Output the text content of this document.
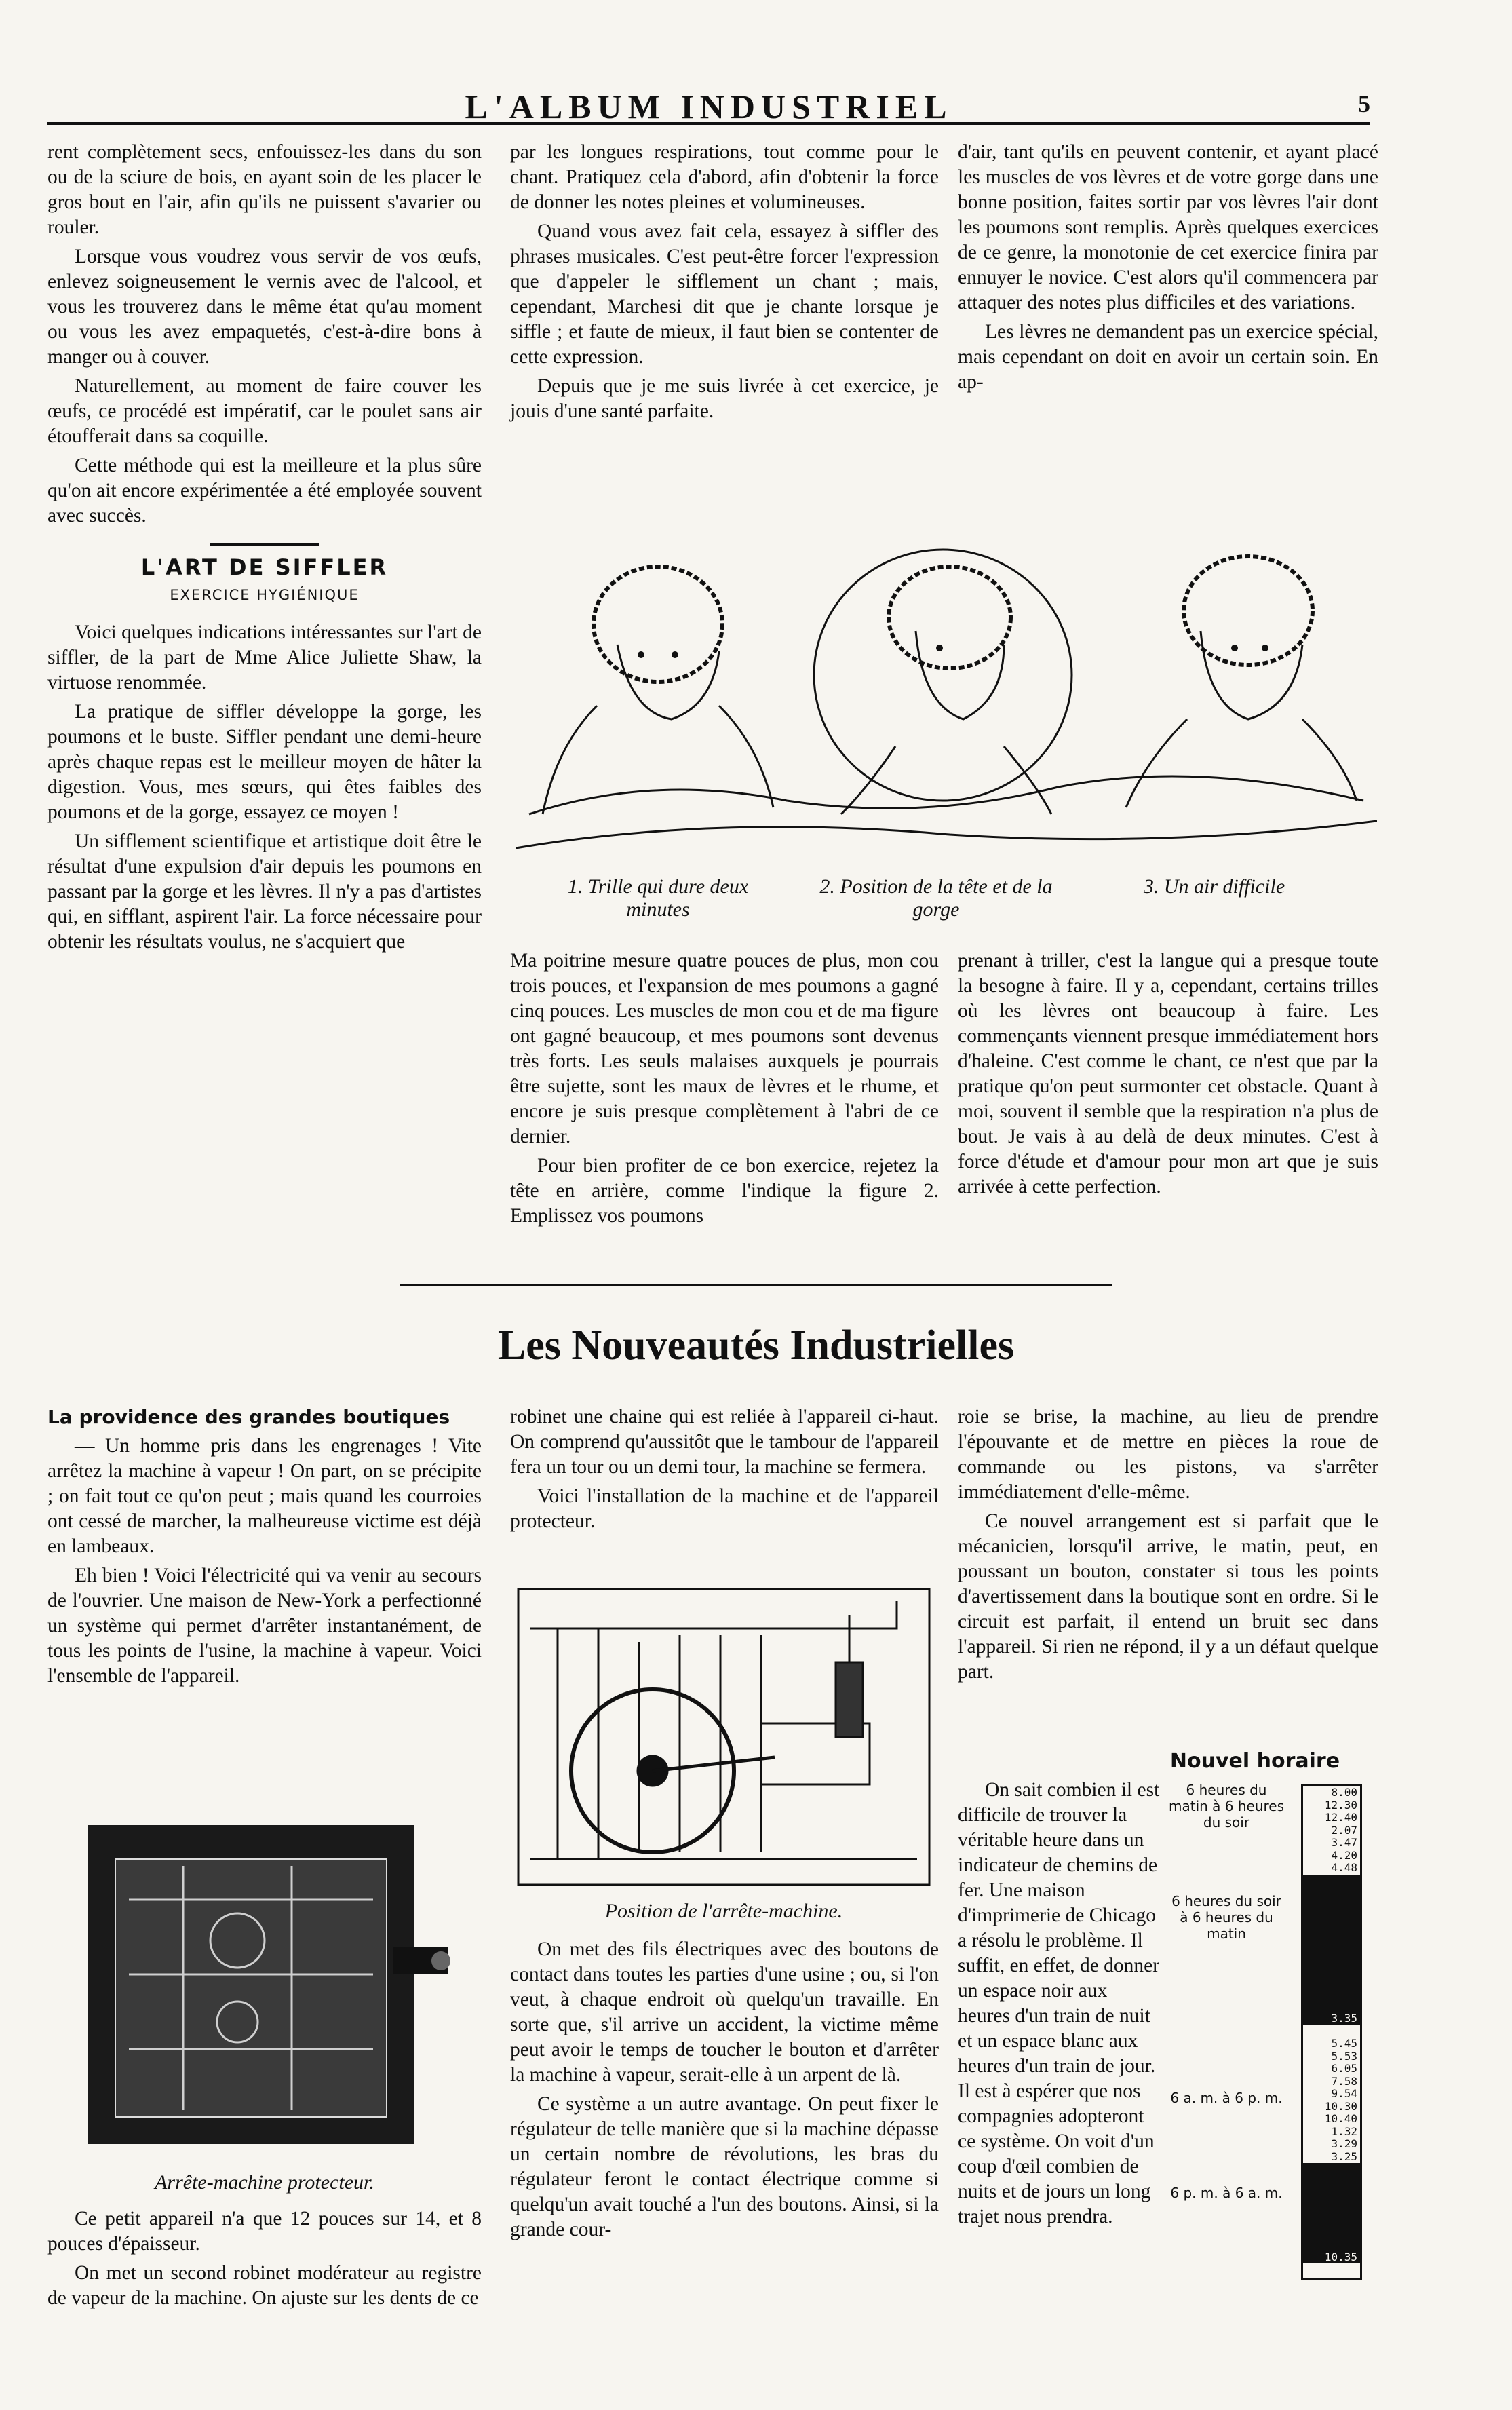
L'ALBUM INDUSTRIEL	5

rent complètement secs, enfouissez-les dans du son ou de la sciure de bois, en ayant soin de les placer le gros bout en l'air, afin qu'ils ne puissent s'avarier ou rouler.

Lorsque vous voudrez vous servir de vos œufs, enlevez soigneusement le vernis avec de l'alcool, et vous les trouverez dans le même état qu'au moment ou vous les avez empaquetés, c'est-à-dire bons à manger ou à couver.

Naturellement, au moment de faire couver les œufs, ce procédé est impératif, car le poulet sans air étoufferait dans sa coquille.

Cette méthode qui est la meilleure et la plus sûre qu'on ait encore expérimentée a été employée souvent avec succès.

L'ART DE SIFFLER
EXERCICE HYGIÉNIQUE

Voici quelques indications intéressantes sur l'art de siffler, de la part de Mme Alice Juliette Shaw, la virtuose renommée.

La pratique de siffler développe la gorge, les poumons et le buste. Siffler pendant une demi-heure après chaque repas est le meilleur moyen de hâter la digestion. Vous, mes sœurs, qui êtes faibles des poumons et de la gorge, essayez ce moyen !

Un sifflement scientifique et artistique doit être le résultat d'une expulsion d'air depuis les poumons en passant par la gorge et les lèvres. Il n'y a pas d'artistes qui, en sifflant, aspirent l'air. La force nécessaire pour obtenir les résultats voulus, ne s'acquiert que

par les longues respirations, tout comme pour le chant. Pratiquez cela d'abord, afin d'obtenir la force de donner les notes pleines et volumineuses.

Quand vous avez fait cela, essayez à siffler des phrases musicales. C'est peut-être forcer l'expression que d'appeler le sifflement un chant ; mais, cependant, Marchesi dit que je chante lorsque je siffle ; et faute de mieux, il faut bien se contenter de cette expression.

Depuis que je me suis livrée à cet exercice, je jouis d'une santé parfaite.

d'air, tant qu'ils en peuvent contenir, et ayant placé les muscles de vos lèvres et de votre gorge dans une bonne position, faites sortir par vos lèvres l'air dont les poumons sont remplis. Après quelques exercices de ce genre, la monotonie de cet exercice finira par ennuyer le novice. C'est alors qu'il commencera par attaquer des notes plus difficiles et des variations.

Les lèvres ne demandent pas un exercice spécial, mais cependant on doit en avoir un certain soin. En ap-

1. Trille qui dure deux minutes
2. Position de la tête et de la gorge
3. Un air difficile

Ma poitrine mesure quatre pouces de plus, mon cou trois pouces, et l'expansion de mes poumons a gagné cinq pouces. Les muscles de mon cou et de ma figure ont gagné beaucoup, et mes poumons sont devenus très forts. Les seuls malaises auxquels je pourrais être sujette, sont les maux de lèvres et le rhume, et encore je suis presque complètement à l'abri de ce dernier.

Pour bien profiter de ce bon exercice, rejetez la tête en arrière, comme l'indique la figure 2. Emplissez vos poumons

prenant à triller, c'est la langue qui a presque toute la besogne à faire. Il y a, cependant, certains trilles où les lèvres ont beaucoup à faire. Les commençants viennent presque immédiatement hors d'haleine. C'est comme le chant, ce n'est que par la pratique qu'on peut surmonter cet obstacle. Quant à moi, souvent il semble que la respiration n'a plus de bout. Je vais à au delà de deux minutes. C'est à force d'étude et d'amour pour mon art que je suis arrivée à cette perfection.

Les Nouveautés Industrielles
La providence des grandes boutiques

— Un homme pris dans les engrenages ! Vite arrêtez la machine à vapeur ! On part, on se précipite ; on fait tout ce qu'on peut ; mais quand les courroies ont cessé de marcher, la malheureuse victime est déjà en lambeaux.

Eh bien ! Voici l'électricité qui va venir au secours de l'ouvrier. Une maison de New-York a perfectionné un système qui permet d'arrêter instantanément, de tous les points de l'usine, la machine à vapeur. Voici l'ensemble de l'appareil.

Arrête-machine protecteur.

Ce petit appareil n'a que 12 pouces sur 14, et 8 pouces d'épaisseur.

On met un second robinet modérateur au registre de vapeur de la machine. On ajuste sur les dents de ce

robinet une chaine qui est reliée à l'appareil ci-haut. On comprend qu'aussitôt que le tambour de l'appareil fera un tour ou un demi tour, la machine se fermera.

Voici l'installation de la machine et de l'appareil protecteur.

Position de l'arrête-machine.

On met des fils électriques avec des boutons de contact dans toutes les parties d'une usine ; ou, si l'on veut, à chaque endroit où quelqu'un travaille. En sorte que, s'il arrive un accident, la victime même peut avoir le temps de toucher le bouton et d'arrêter la machine à vapeur, serait-elle à un arpent de là.

Ce système a un autre avantage. On peut fixer le régulateur de telle manière que si la machine dépasse un certain nombre de révolutions, les bras du régulateur feront le contact électrique comme si quelqu'un avait touché a l'un des boutons. Ainsi, si la grande cour-

roie se brise, la machine, au lieu de prendre l'épouvante et de mettre en pièces la roue de commande ou les pistons, va s'arrêter immédiatement d'elle-même.

Ce nouvel arrangement est si parfait que le mécanicien, lorsqu'il arrive, le matin, peut, en poussant un bouton, constater si tous les points d'avertissement dans la boutique sont en ordre. Si le circuit est parfait, il entend un bruit sec dans l'appareil. Si rien ne répond, il y a un défaut quelque part.

Nouvel horaire

On sait combien il est difficile de trouver la véritable heure dans un indicateur de chemins de fer. Une maison d'imprimerie de Chicago a résolu le problème. Il suffit, en effet, de donner un espace noir aux heures d'un train de nuit et un espace blanc aux heures d'un train de jour. Il est à espérer que nos compagnies adopteront ce système. On voit d'un coup d'œil combien de nuits et de jours un long trajet nous prendra.

6 heures du matin à 6 heures du soir
6 heures du soir à 6 heures du matin
6 a. m. à 6 p. m.
6 p. m. à 6 a. m.
8.00
12.30
12.40
2.07
3.47
4.20
4.48
3.35
5.45
5.53
6.05
7.58
9.54
10.30
10.40
1.32
3.29
3.25
10.35
